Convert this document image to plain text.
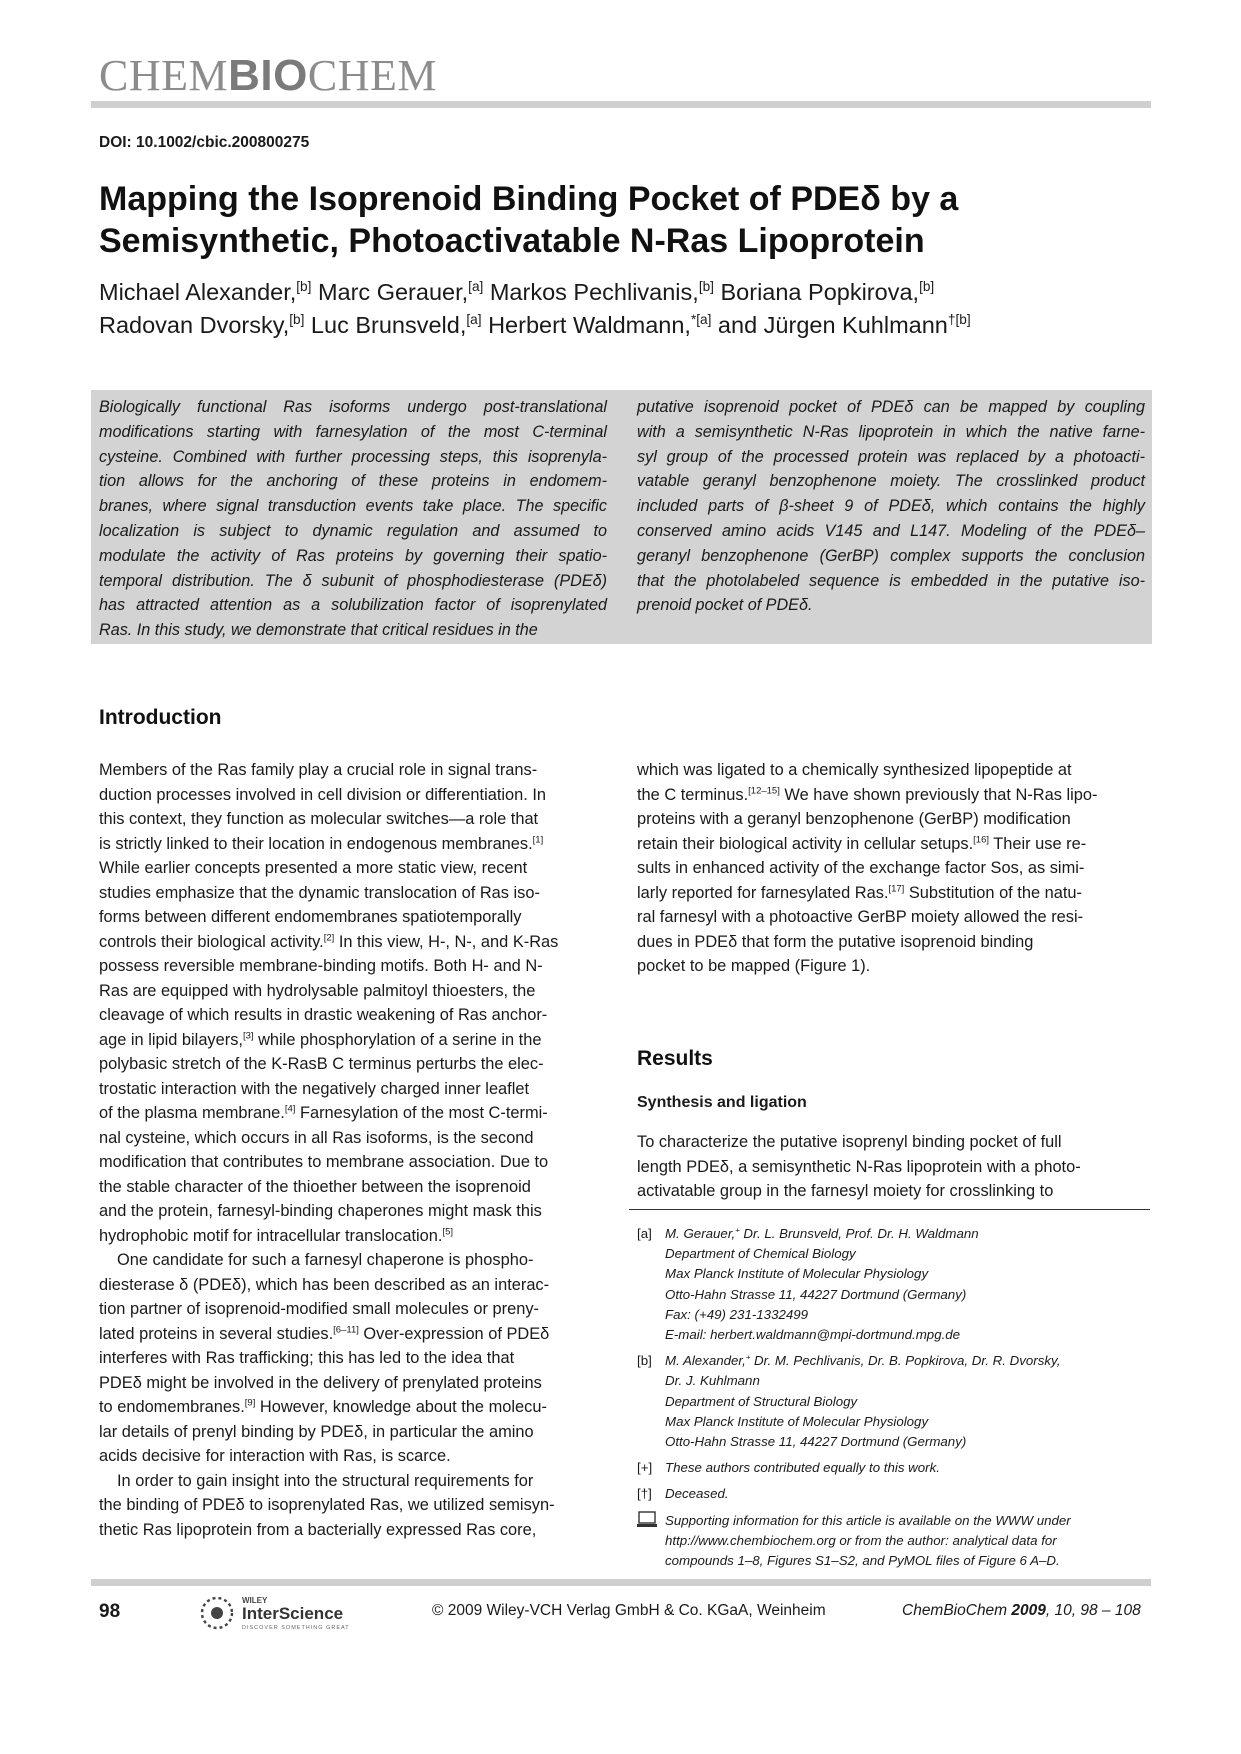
CHEMBIOCHEM
DOI: 10.1002/cbic.200800275
Mapping the Isoprenoid Binding Pocket of PDEδ by a
Semisynthetic, Photoactivatable N-Ras Lipoprotein
Michael Alexander,[b] Marc Gerauer,[a] Markos Pechlivanis,[b] Boriana Popkirova,[b]
Radovan Dvorsky,[b] Luc Brunsveld,[a] Herbert Waldmann,$^{*[a]}$ and Jürgen Kuhlmann$^{\dagger[b]}$
Biologically functional Ras isoforms undergo post-translational
modifications starting with farnesylation of the most C-terminal
cysteine. Combined with further processing steps, this isoprenyla-
tion allows for the anchoring of these proteins in endomem-
branes, where signal transduction events take place. The specific
localization is subject to dynamic regulation and assumed to
modulate the activity of Ras proteins by governing their spatio-
temporal distribution. The δ subunit of phosphodiesterase (PDEδ)
has attracted attention as a solubilization factor of isoprenylated
Ras. In this study, we demonstrate that critical residues in the
putative isoprenoid pocket of PDEδ can be mapped by coupling
with a semisynthetic N-Ras lipoprotein in which the native farne-
syl group of the processed protein was replaced by a photoacti-
vatable geranyl benzophenone moiety. The crosslinked product
included parts of β-sheet 9 of PDEδ, which contains the highly
conserved amino acids V145 and L147. Modeling of the PDEδ–
geranyl benzophenone (GerBP) complex supports the conclusion
that the photolabeled sequence is embedded in the putative iso-
prenoid pocket of PDEδ.
Introduction
Members of the Ras family play a crucial role in signal trans-
duction processes involved in cell division or differentiation. In
this context, they function as molecular switches—a role that
is strictly linked to their location in endogenous membranes.[1]
While earlier concepts presented a more static view, recent
studies emphasize that the dynamic translocation of Ras iso-
forms between different endomembranes spatiotemporally
controls their biological activity.[2] In this view, H-, N-, and K-Ras
possess reversible membrane-binding motifs. Both H- and N-
Ras are equipped with hydrolysable palmitoyl thioesters, the
cleavage of which results in drastic weakening of Ras anchor-
age in lipid bilayers,[3] while phosphorylation of a serine in the
polybasic stretch of the K-RasB C terminus perturbs the elec-
trostatic interaction with the negatively charged inner leaflet
of the plasma membrane.[4] Farnesylation of the most C-termi-
nal cysteine, which occurs in all Ras isoforms, is the second
modification that contributes to membrane association. Due to
the stable character of the thioether between the isoprenoid
and the protein, farnesyl-binding chaperones might mask this
hydrophobic motif for intracellular translocation.[5]
One candidate for such a farnesyl chaperone is phospho-
diesterase δ (PDEδ), which has been described as an interac-
tion partner of isoprenoid-modified small molecules or preny-
lated proteins in several studies.[6–11] Over-expression of PDEδ
interferes with Ras trafficking; this has led to the idea that
PDEδ might be involved in the delivery of prenylated proteins
to endomembranes.[9] However, knowledge about the molecu-
lar details of prenyl binding by PDEδ, in particular the amino
acids decisive for interaction with Ras, is scarce.
In order to gain insight into the structural requirements for
the binding of PDEδ to isoprenylated Ras, we utilized semisyn-
thetic Ras lipoprotein from a bacterially expressed Ras core,
which was ligated to a chemically synthesized lipopeptide at
the C terminus.[12–15] We have shown previously that N-Ras lipo-
proteins with a geranyl benzophenone (GerBP) modification
retain their biological activity in cellular setups.[16] Their use re-
sults in enhanced activity of the exchange factor Sos, as simi-
larly reported for farnesylated Ras.[17] Substitution of the natu-
ral farnesyl with a photoactive GerBP moiety allowed the resi-
dues in PDEδ that form the putative isoprenoid binding
pocket to be mapped (Figure 1).
Results
Synthesis and ligation
To characterize the putative isoprenyl binding pocket of full
length PDEδ, a semisynthetic N-Ras lipoprotein with a photo-
activatable group in the farnesyl moiety for crosslinking to
[a] M. Gerauer,+ Dr. L. Brunsveld, Prof. Dr. H. Waldmann
Department of Chemical Biology
Max Planck Institute of Molecular Physiology
Otto-Hahn Strasse 11, 44227 Dortmund (Germany)
Fax: (+49) 231-1332499
E-mail: herbert.waldmann@mpi-dortmund.mpg.de
[b] M. Alexander,+ Dr. M. Pechlivanis, Dr. B. Popkirova, Dr. R. Dvorsky,
Dr. J. Kuhlmann
Department of Structural Biology
Max Planck Institute of Molecular Physiology
Otto-Hahn Strasse 11, 44227 Dortmund (Germany)
[+] These authors contributed equally to this work.
[†] Deceased.
Supporting information for this article is available on the WWW under
http://www.chembiochem.org or from the author: analytical data for
compounds 1–8, Figures S1–S2, and PyMOL files of Figure 6 A–D.
98
WILEY
InterScience
DISCOVER SOMETHING GREAT
© 2009 Wiley-VCH Verlag GmbH & Co. KGaA, Weinheim	ChemBioChem 2009, 10, 98 – 108
